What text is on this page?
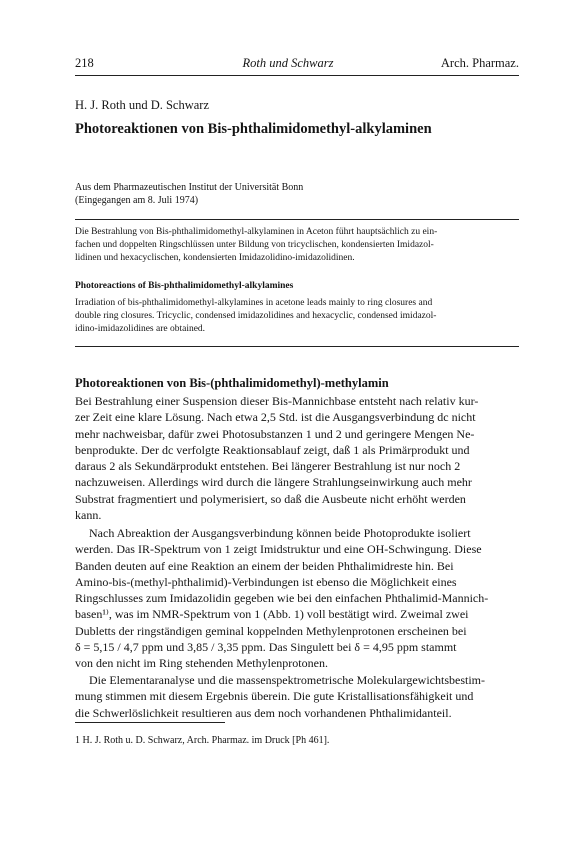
218	Roth und Schwarz	Arch. Pharmaz.
H. J. Roth und D. Schwarz
Photoreaktionen von Bis-phthalimidomethyl-alkylaminen
Aus dem Pharmazeutischen Institut der Universität Bonn
(Eingegangen am 8. Juli 1974)
Die Bestrahlung von Bis-phthalimidomethyl-alkylaminen in Aceton führt hauptsächlich zu ein-
fachen und doppelten Ringschlüssen unter Bildung von tricyclischen, kondensierten Imidazol-
lidinen und hexacyclischen, kondensierten Imidazolidino-imidazolidinen.
Photoreactions of Bis-phthalimidomethyl-alkylamines
Irradiation of bis-phthalimidomethyl-alkylamines in acetone leads mainly to ring closures and
double ring closures. Tricyclic, condensed imidazolidines and hexacyclic, condensed imidazol-
idino-imidazolidines are obtained.
Photoreaktionen von Bis-(phthalimidomethyl)-methylamin
Bei Bestrahlung einer Suspension dieser Bis-Mannichbase entsteht nach relativ kur-
zer Zeit eine klare Lösung. Nach etwa 2,5 Std. ist die Ausgangsverbindung dc nicht
mehr nachweisbar, dafür zwei Photosubstanzen 1 und 2 und geringere Mengen Ne-
benprodukte. Der dc verfolgte Reaktionsablauf zeigt, daß 1 als Primärprodukt und
daraus 2 als Sekundärprodukt entstehen. Bei längerer Bestrahlung ist nur noch 2
nachzuweisen. Allerdings wird durch die längere Strahlungseinwirkung auch mehr
Substrat fragmentiert und polymerisiert, so daß die Ausbeute nicht erhöht werden
kann.
Nach Abreaktion der Ausgangsverbindung können beide Photoprodukte isoliert
werden. Das IR-Spektrum von 1 zeigt Imidstruktur und eine OH-Schwingung. Diese
Banden deuten auf eine Reaktion an einem der beiden Phthalimidreste hin. Bei
Amino-bis-(methyl-phthalimid)-Verbindungen ist ebenso die Möglichkeit eines
Ringschlusses zum Imidazolidin gegeben wie bei den einfachen Phthalimid-Mannich-
basen¹⁾, was im NMR-Spektrum von 1 (Abb. 1) voll bestätigt wird. Zweimal zwei
Dubletts der ringständigen geminal koppelnden Methylenprotonen erscheinen bei
δ = 5,15 / 4,7 ppm und 3,85 / 3,35 ppm. Das Singulett bei δ = 4,95 ppm stammt
von den nicht im Ring stehenden Methylenprotonen.
Die Elementaranalyse und die massenspektrometrische Molekulargewichtsbestim-
mung stimmen mit diesem Ergebnis überein. Die gute Kristallisationsfähigkeit und
die Schwerlöslichkeit resultieren aus dem noch vorhandenen Phthalimidanteil.
1 H. J. Roth u. D. Schwarz, Arch. Pharmaz. im Druck [Ph 461].
